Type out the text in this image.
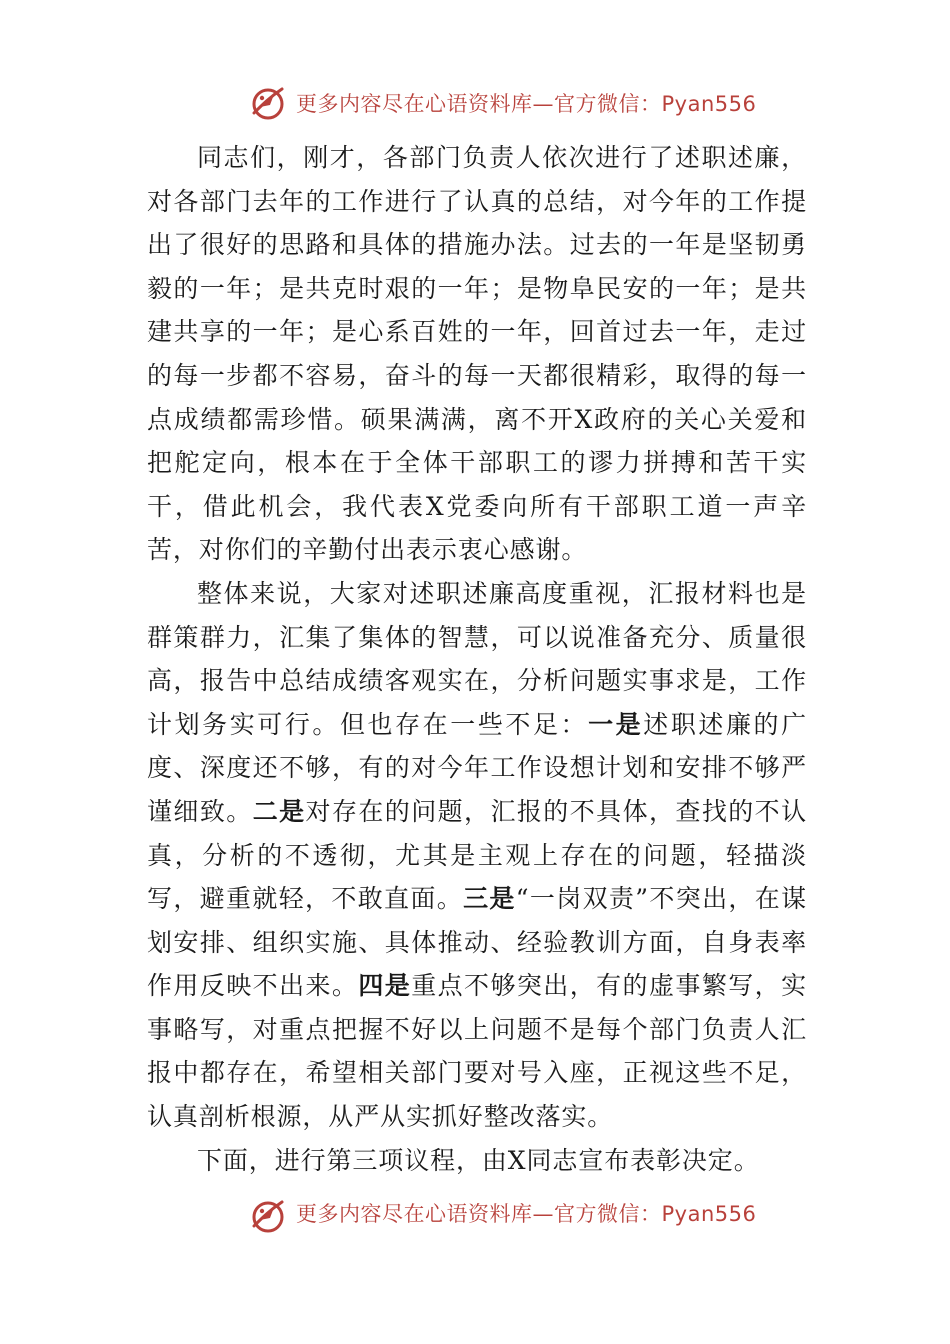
更多内容尽在心语资料库—官方微信：Pyan556

同志们，刚才，各部门负责人依次进行了述职述廉，对各部门去年的工作进行了认真的总结，对今年的工作提出了很好的思路和具体的措施办法。过去的一年是坚韧勇毅的一年；是共克时艰的一年；是物阜民安的一年；是共建共享的一年；是心系百姓的一年，回首过去一年，走过的每一步都不容易，奋斗的每一天都很精彩，取得的每一点成绩都需珍惜。硕果满满，离不开X政府的关心关爱和把舵定向，根本在于全体干部职工的谬力拼搏和苦干实干，借此机会，我代表X党委向所有干部职工道一声辛苦，对你们的辛勤付出表示衷心感谢。

整体来说，大家对述职述廉高度重视，汇报材料也是群策群力，汇集了集体的智慧，可以说准备充分、质量很高，报告中总结成绩客观实在，分析问题实事求是，工作计划务实可行。但也存在一些不足：一是述职述廉的广度、深度还不够，有的对今年工作设想计划和安排不够严谨细致。二是对存在的问题，汇报的不具体，查找的不认真，分析的不透彻，尤其是主观上存在的问题，轻描淡写，避重就轻，不敢直面。三是“一岗双责”不突出，在谋划安排、组织实施、具体推动、经验教训方面，自身表率作用反映不出来。四是重点不够突出，有的虚事繁写，实事略写，对重点把握不好以上问题不是每个部门负责人汇报中都存在，希望相关部门要对号入座，正视这些不足，认真剖析根源，从严从实抓好整改落实。

下面，进行第三项议程，由X同志宣布表彰决定。

更多内容尽在心语资料库—官方微信：Pyan556
